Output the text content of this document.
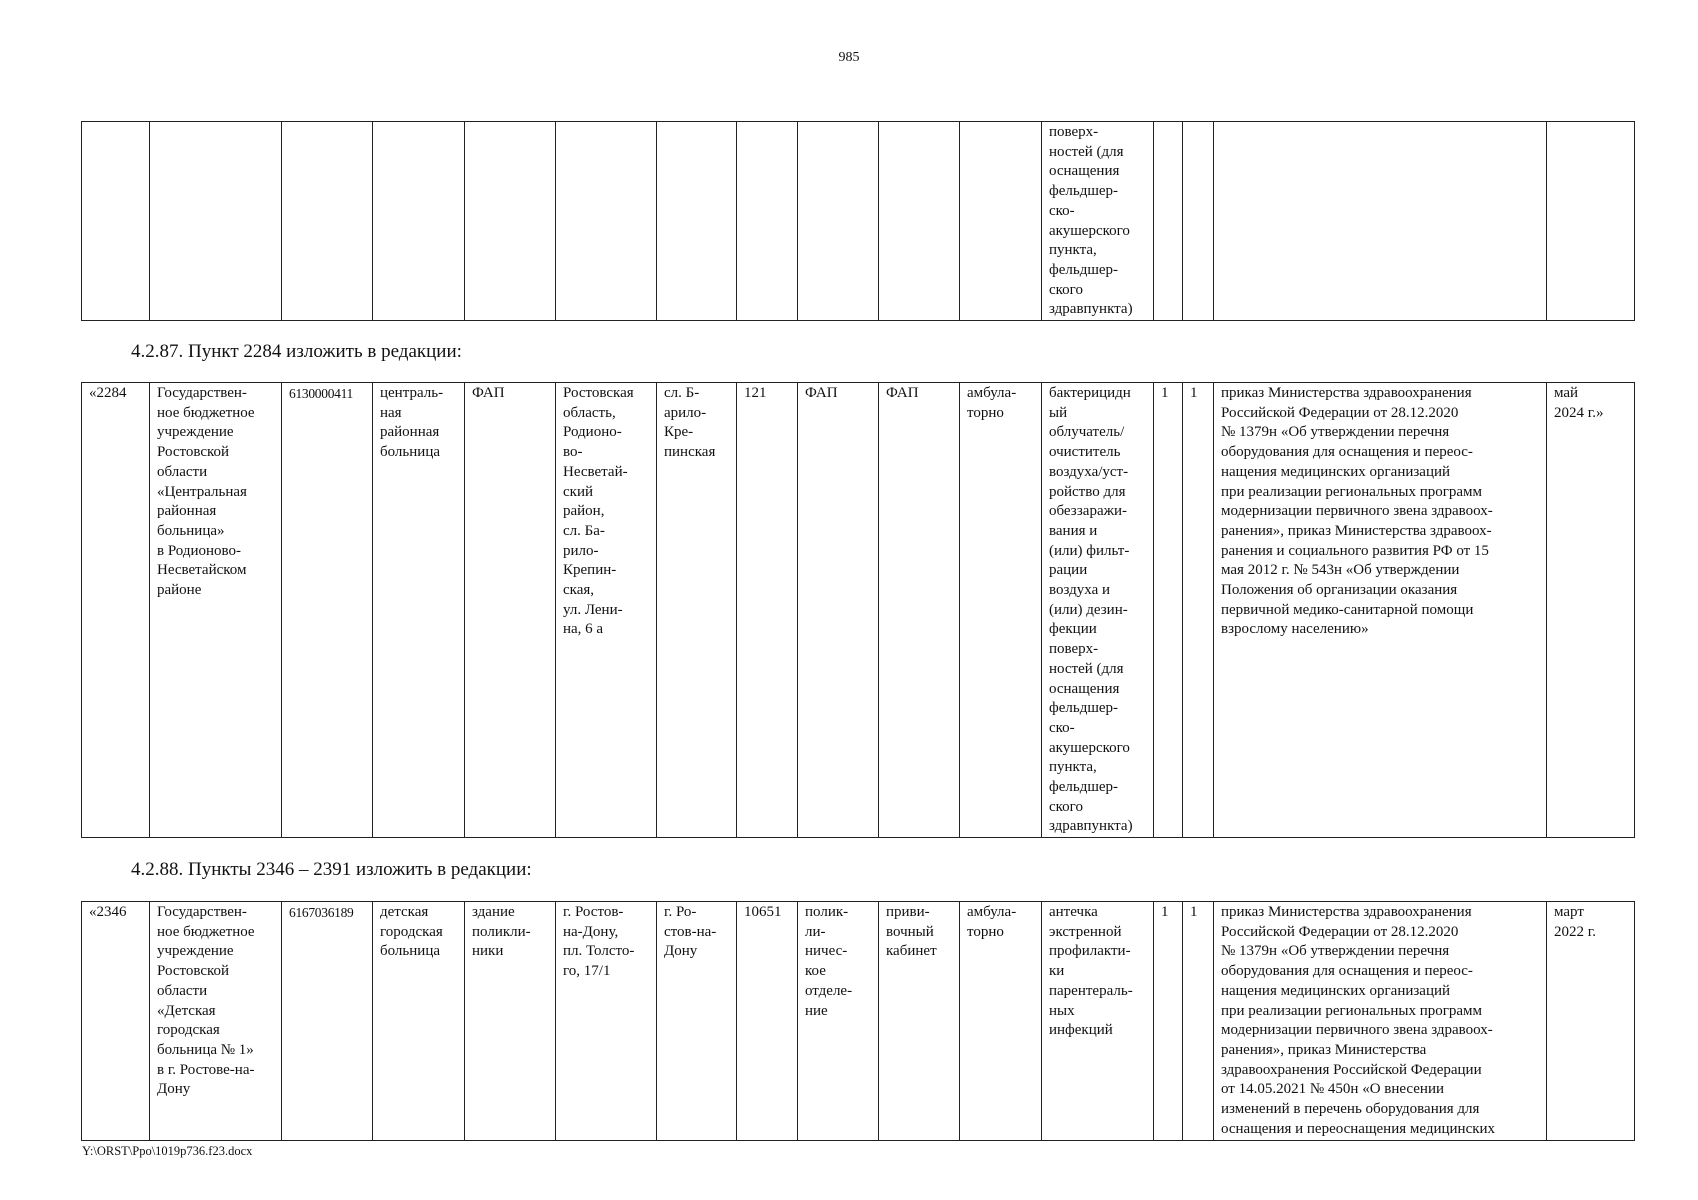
985
											поверх-
ностей (для
оснащения
фельдшер-
ско-
акушерского
пункта,
фельдшер-
ского
здравпункта)				
4.2.87. Пункт 2284 изложить в редакции:
«2284	Государствен-
ное бюджетное
учреждение
Ростовской
области
«Центральная
районная
больница»
в Родионово-
Несветайском
районе	6130000411	централь-
ная
районная
больница	ФАП	Ростовская
область,
Родионо-
во-
Несветай-
ский
район,
сл. Ба-
рило-
Крепин-
ская,
ул. Лени-
на, 6 а	сл. Б-
арило-
Кре-
пинская	121	ФАП	ФАП	амбула-
торно	бактерицидн
ый
облучатель/
очиститель
воздуха/уст-
ройство для
обеззаражи-
вания и
(или) фильт-
рации
воздуха и
(или) дезин-
фекции
поверх-
ностей (для
оснащения
фельдшер-
ско-
акушерского
пункта,
фельдшер-
ского
здравпункта)	1	1	приказ Министерства здравоохранения
Российской Федерации от 28.12.2020
№ 1379н «Об утверждении перечня
оборудования для оснащения и переос-
нащения медицинских организаций
при реализации региональных программ
модернизации первичного звена здравоох-
ранения», приказ Министерства здравоох-
ранения и социального развития РФ от 15
мая 2012 г. № 543н «Об утверждении
Положения об организации оказания
первичной медико-санитарной помощи
взрослому населению»	май
2024 г.»
4.2.88. Пункты 2346 – 2391 изложить в редакции:
«2346	Государствен-
ное бюджетное
учреждение
Ростовской
области
«Детская
городская
больница № 1»
в г. Ростове-на-
Дону	6167036189	детская
городская
больница	здание
поликли-
ники	г. Ростов-
на-Дону,
пл. Толсто-
го, 17/1	г. Ро-
стов-на-
Дону	10651	полик-
ли-
ничес-
кое
отделе-
ние	приви-
вочный
кабинет	амбула-
торно	антечка
экстренной
профилакти-
ки
парентераль-
ных
инфекций	1	1	приказ Министерства здравоохранения
Российской Федерации от 28.12.2020
№ 1379н «Об утверждении перечня
оборудования для оснащения и переос-
нащения медицинских организаций
при реализации региональных программ
модернизации первичного звена здравоох-
ранения», приказ Министерства
здравоохранения Российской Федерации
от 14.05.2021 № 450н «О внесении
изменений в перечень оборудования для
оснащения и переоснащения медицинских	март
2022 г.
Y:\ORST\Ppo\1019p736.f23.docx
